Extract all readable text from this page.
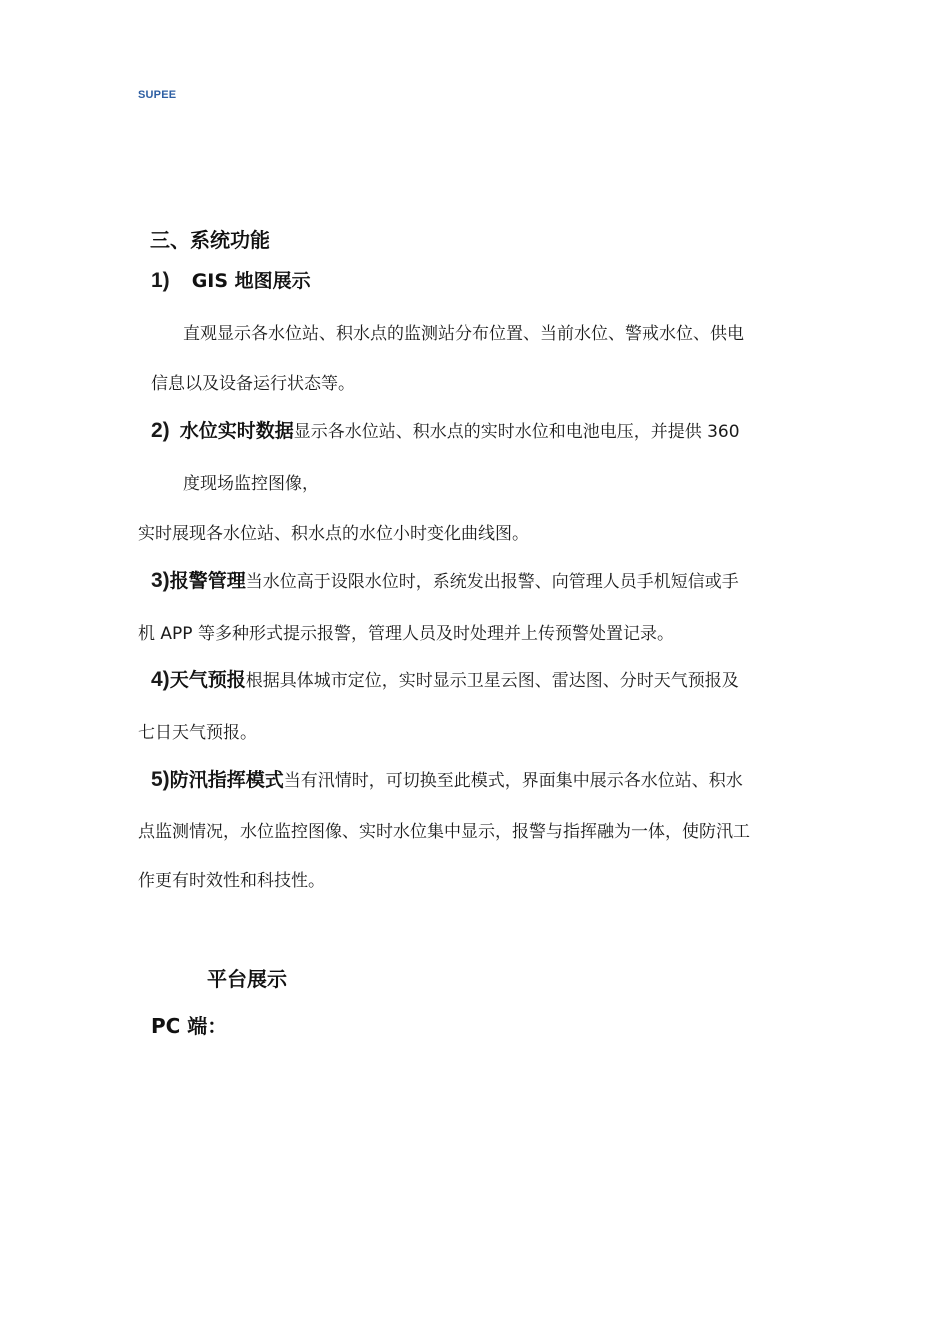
SUPEE
三、系统功能
1) GIS 地图展示
直观显示各水位站、积水点的监测站分布位置、当前水位、警戒水位、供电
信息以及设备运行状态等。
2) 水位实时数据显示各水位站、积水点的实时水位和电池电压，并提供 360
度现场监控图像，
实时展现各水位站、积水点的水位小时变化曲线图。
3)报警管理当水位高于设限水位时，系统发出报警、向管理人员手机短信或手
机 APP 等多种形式提示报警，管理人员及时处理并上传预警处置记录。
4)天气预报根据具体城市定位，实时显示卫星云图、雷达图、分时天气预报及
七日天气预报。
5)防汛指挥模式当有汛情时，可切换至此模式，界面集中展示各水位站、积水
点监测情况，水位监控图像、实时水位集中显示，报警与指挥融为一体，使防汛工
作更有时效性和科技性。
平台展示
PC 端：
